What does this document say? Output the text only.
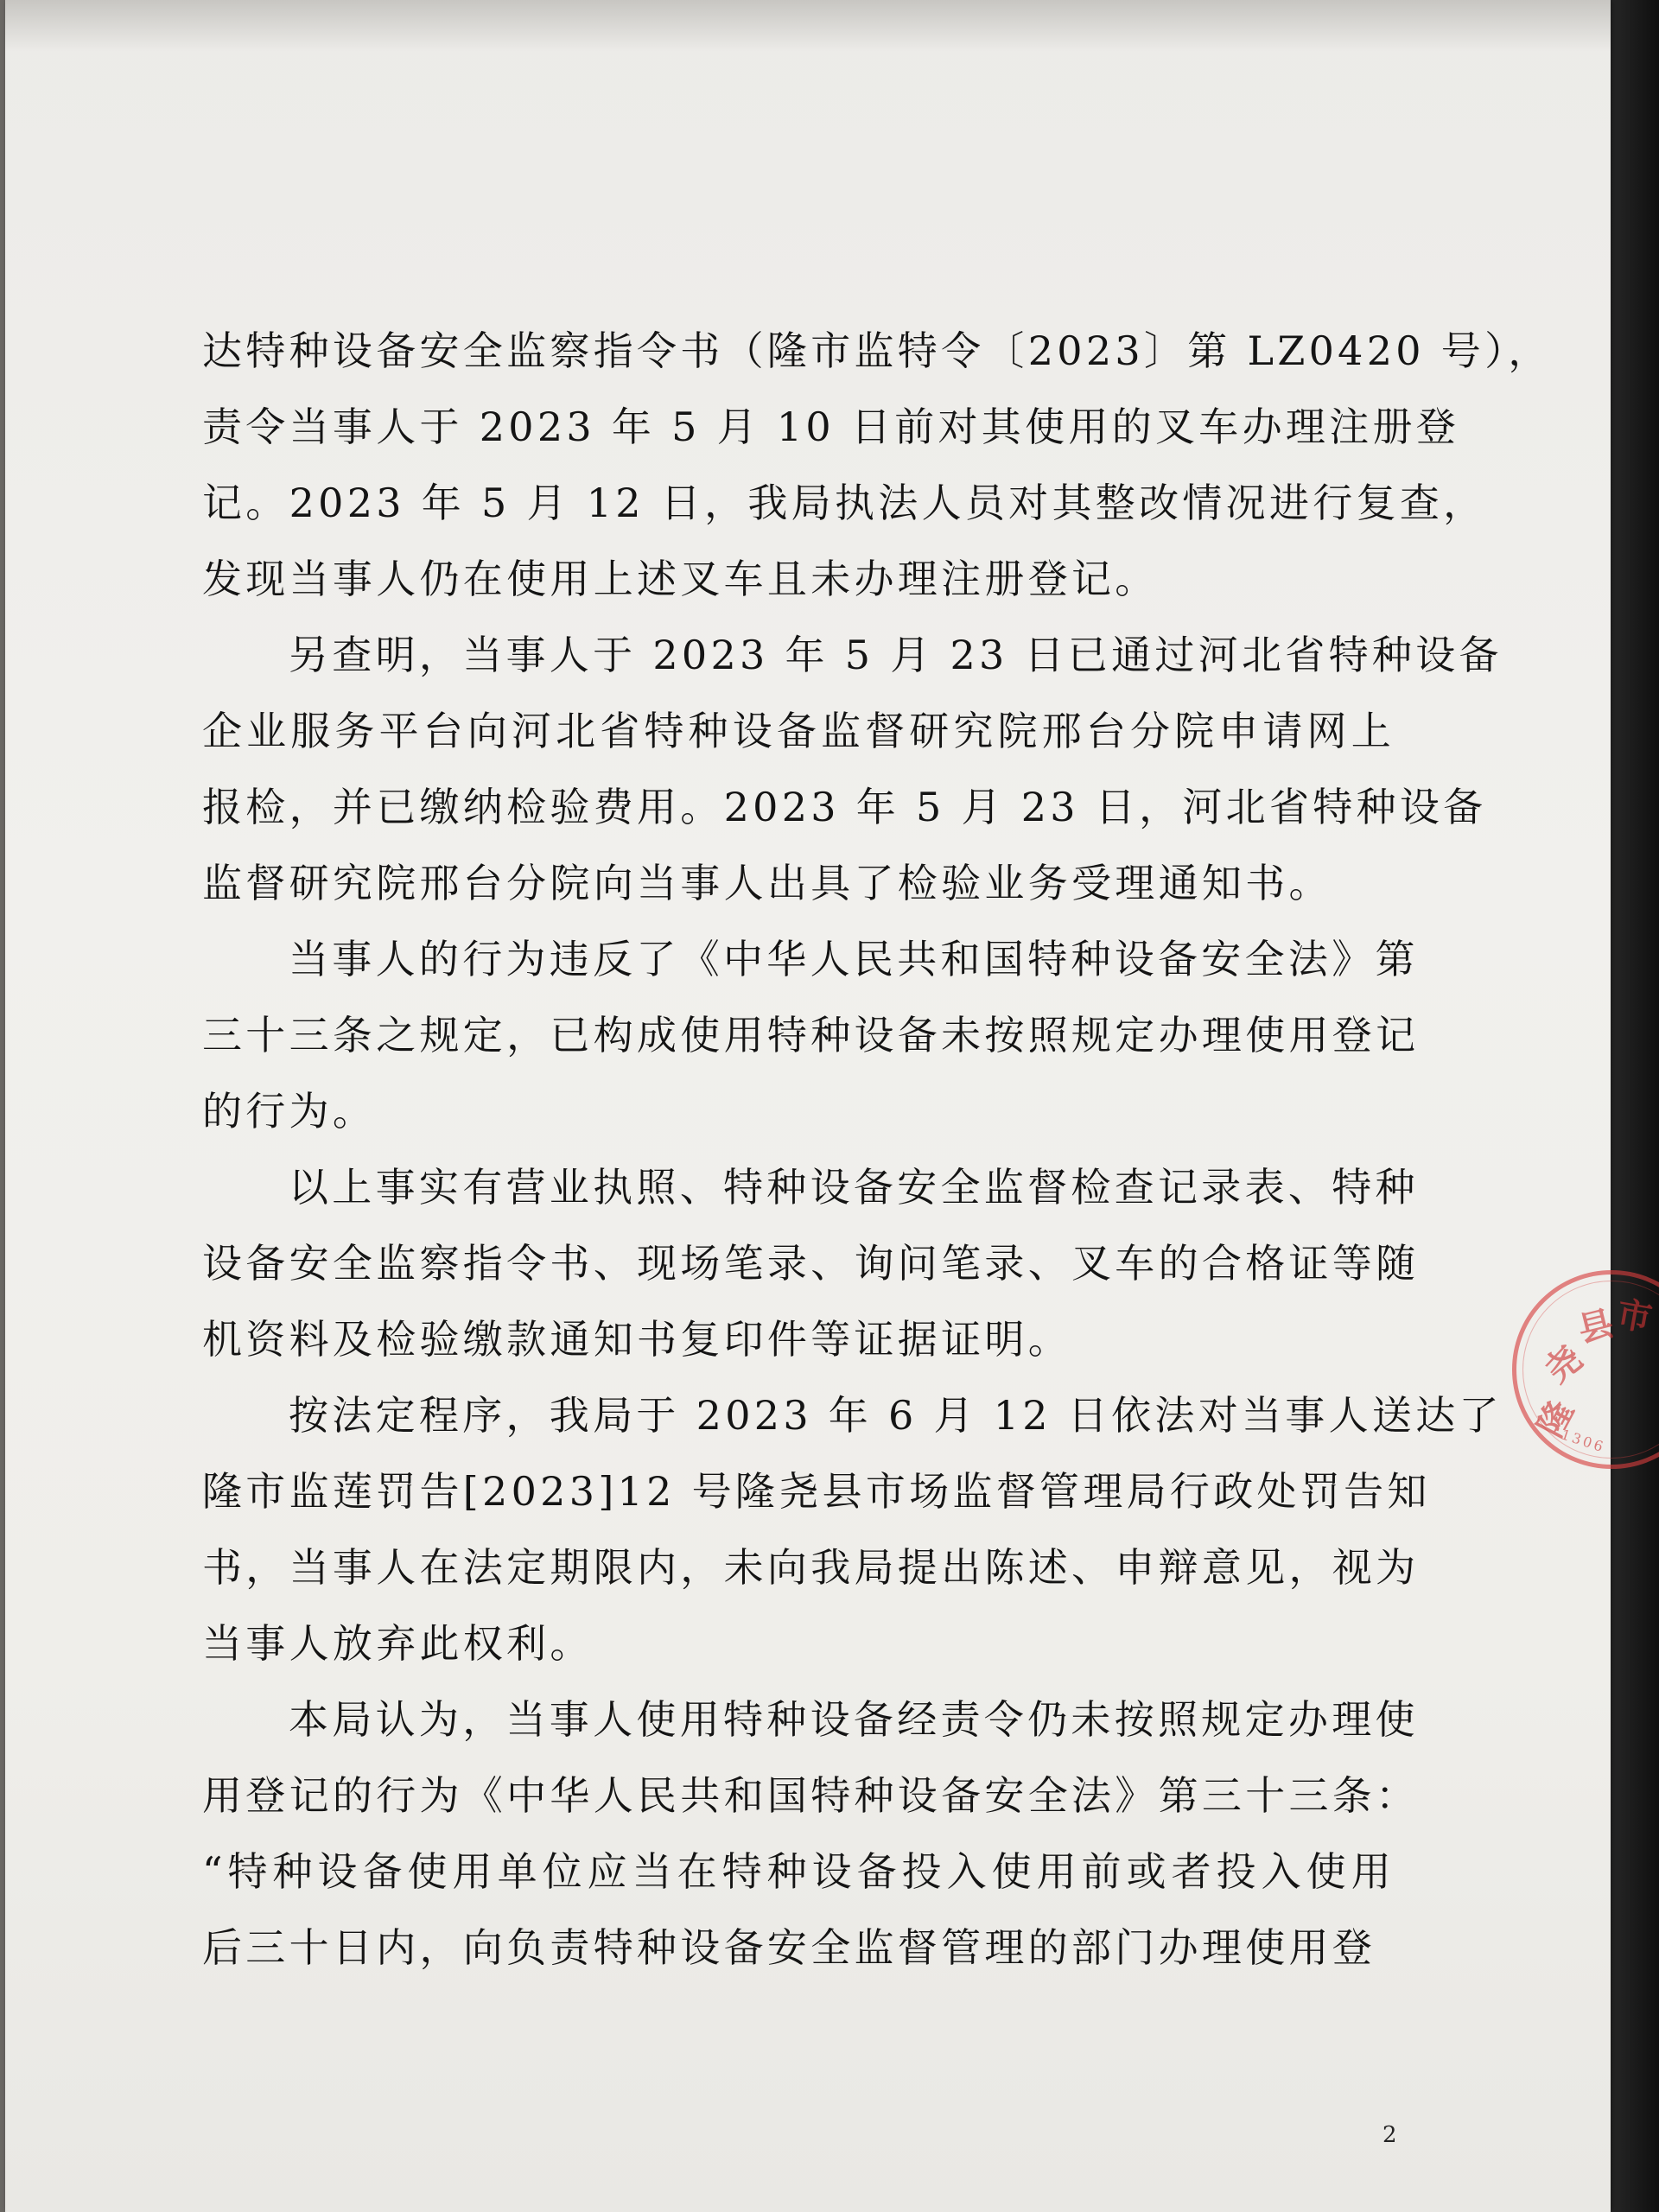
达特种设备安全监察指令书（隆市监特令〔2023〕第 LZ0420 号），
责令当事人于 2023 年 5 月 10 日前对其使用的叉车办理注册登
记。2023 年 5 月 12 日，我局执法人员对其整改情况进行复查，
发现当事人仍在使用上述叉车且未办理注册登记。
另查明，当事人于 2023 年 5 月 23 日已通过河北省特种设备
企业服务平台向河北省特种设备监督研究院邢台分院申请网上
报检，并已缴纳检验费用。2023 年 5 月 23 日，河北省特种设备
监督研究院邢台分院向当事人出具了检验业务受理通知书。
当事人的行为违反了《中华人民共和国特种设备安全法》第
三十三条之规定，已构成使用特种设备未按照规定办理使用登记
的行为。
以上事实有营业执照、特种设备安全监督检查记录表、特种
设备安全监察指令书、现场笔录、询问笔录、叉车的合格证等随
机资料及检验缴款通知书复印件等证据证明。
按法定程序，我局于 2023 年 6 月 12 日依法对当事人送达了
隆市监莲罚告[2023]12 号隆尧县市场监督管理局行政处罚告知
书，当事人在法定期限内，未向我局提出陈述、申辩意见，视为
当事人放弃此权利。
本局认为，当事人使用特种设备经责令仍未按照规定办理使
用登记的行为《中华人民共和国特种设备安全法》第三十三条：
“特种设备使用单位应当在特种设备投入使用前或者投入使用
后三十日内，向负责特种设备安全监督管理的部门办理使用登
隆
尧
县
市
1306
2
